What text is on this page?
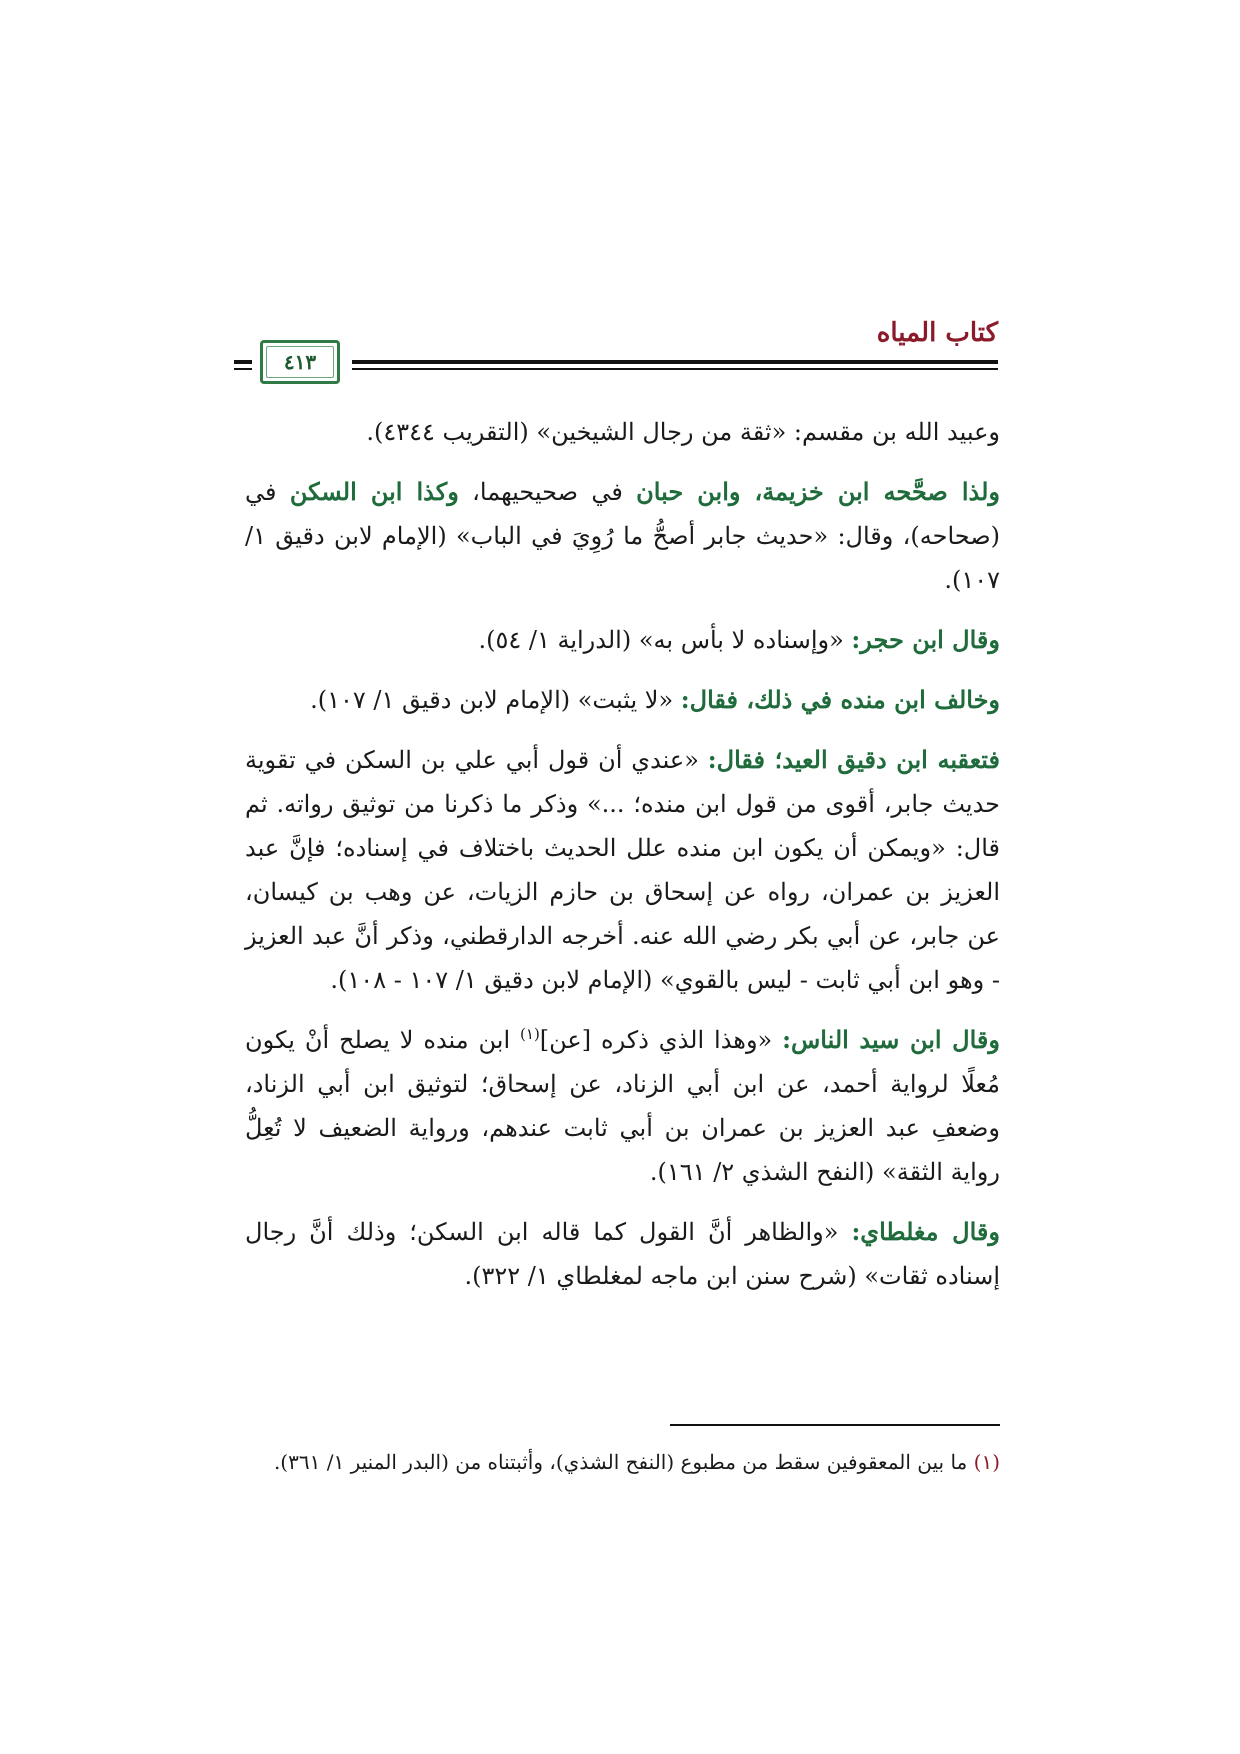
كتاب المياه
٤١٣

وعبيد الله بن مقسم: «ثقة من رجال الشيخين» (التقريب ٤٣٤٤).

ولذا صحَّحه ابن خزيمة، وابن حبان في صحيحيهما، وكذا ابن السكن في (صحاحه)، وقال: «حديث جابر أصحُّ ما رُوِيَ في الباب» (الإمام لابن دقيق ١/ ١٠٧).

وقال ابن حجر: «وإسناده لا بأس به» (الدراية ١/ ٥٤).

وخالف ابن منده في ذلك، فقال: «لا يثبت» (الإمام لابن دقيق ١/ ١٠٧).

فتعقبه ابن دقيق العيد؛ فقال: «عندي أن قول أبي علي بن السكن في تقوية حديث جابر، أقوى من قول ابن منده؛ ...» وذكر ما ذكرنا من توثيق رواته. ثم قال: «ويمكن أن يكون ابن منده علل الحديث باختلاف في إسناده؛ فإنَّ عبد العزيز بن عمران، رواه عن إسحاق بن حازم الزيات، عن وهب بن كيسان، عن جابر، عن أبي بكر رضي الله عنه. أخرجه الدارقطني، وذكر أنَّ عبد العزيز - وهو ابن أبي ثابت - ليس بالقوي» (الإمام لابن دقيق ١/ ١٠٧ - ١٠٨).

وقال ابن سيد الناس: «وهذا الذي ذكره [عن]$^{(١)}$ ابن منده لا يصلح أنْ يكون مُعلًا لرواية أحمد، عن ابن أبي الزناد، عن إسحاق؛ لتوثيق ابن أبي الزناد، وضعفِ عبد العزيز بن عمران بن أبي ثابت عندهم، ورواية الضعيف لا تُعِلُّ رواية الثقة» (النفح الشذي ٢/ ١٦١).

وقال مغلطاي: «والظاهر أنَّ القول كما قاله ابن السكن؛ وذلك أنَّ رجال إسناده ثقات» (شرح سنن ابن ماجه لمغلطاي ١/ ٣٢٢).

(١) ما بين المعقوفين سقط من مطبوع (النفح الشذي)، وأثبتناه من (البدر المنير ١/ ٣٦١).
